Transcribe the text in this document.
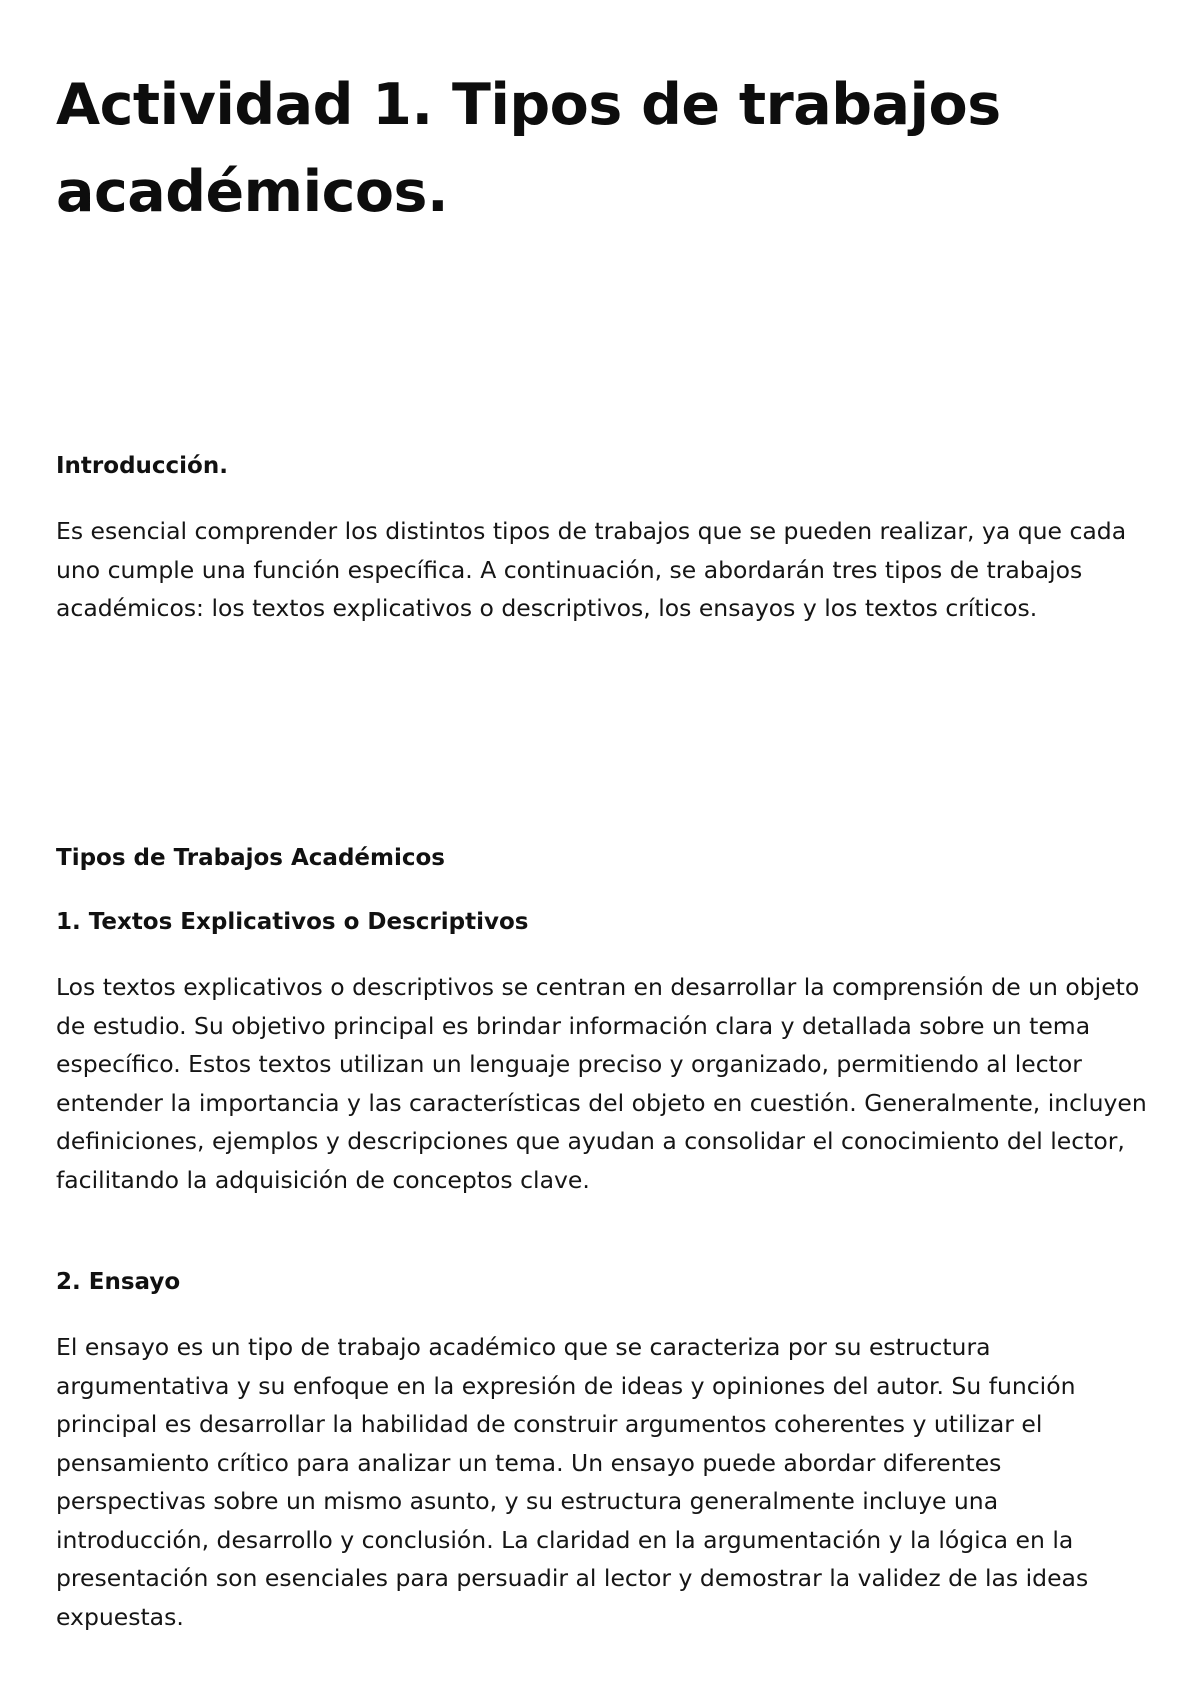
Actividad 1. Tipos de trabajos académicos.
Introducción.

Es esencial comprender los distintos tipos de trabajos que se pueden realizar, ya que cada uno cumple una función específica. A continuación, se abordarán tres tipos de trabajos académicos: los textos explicativos o descriptivos, los ensayos y los textos críticos.

Tipos de Trabajos Académicos
1. Textos Explicativos o Descriptivos

Los textos explicativos o descriptivos se centran en desarrollar la comprensión de un objeto de estudio. Su objetivo principal es brindar información clara y detallada sobre un tema específico. Estos textos utilizan un lenguaje preciso y organizado, permitiendo al lector entender la importancia y las características del objeto en cuestión. Generalmente, incluyen definiciones, ejemplos y descripciones que ayudan a consolidar el conocimiento del lector, facilitando la adquisición de conceptos clave.

2. Ensayo

El ensayo es un tipo de trabajo académico que se caracteriza por su estructura argumentativa y su enfoque en la expresión de ideas y opiniones del autor. Su función principal es desarrollar la habilidad de construir argumentos coherentes y utilizar el pensamiento crítico para analizar un tema. Un ensayo puede abordar diferentes perspectivas sobre un mismo asunto, y su estructura generalmente incluye una introducción, desarrollo y conclusión. La claridad en la argumentación y la lógica en la presentación son esenciales para persuadir al lector y demostrar la validez de las ideas expuestas.
